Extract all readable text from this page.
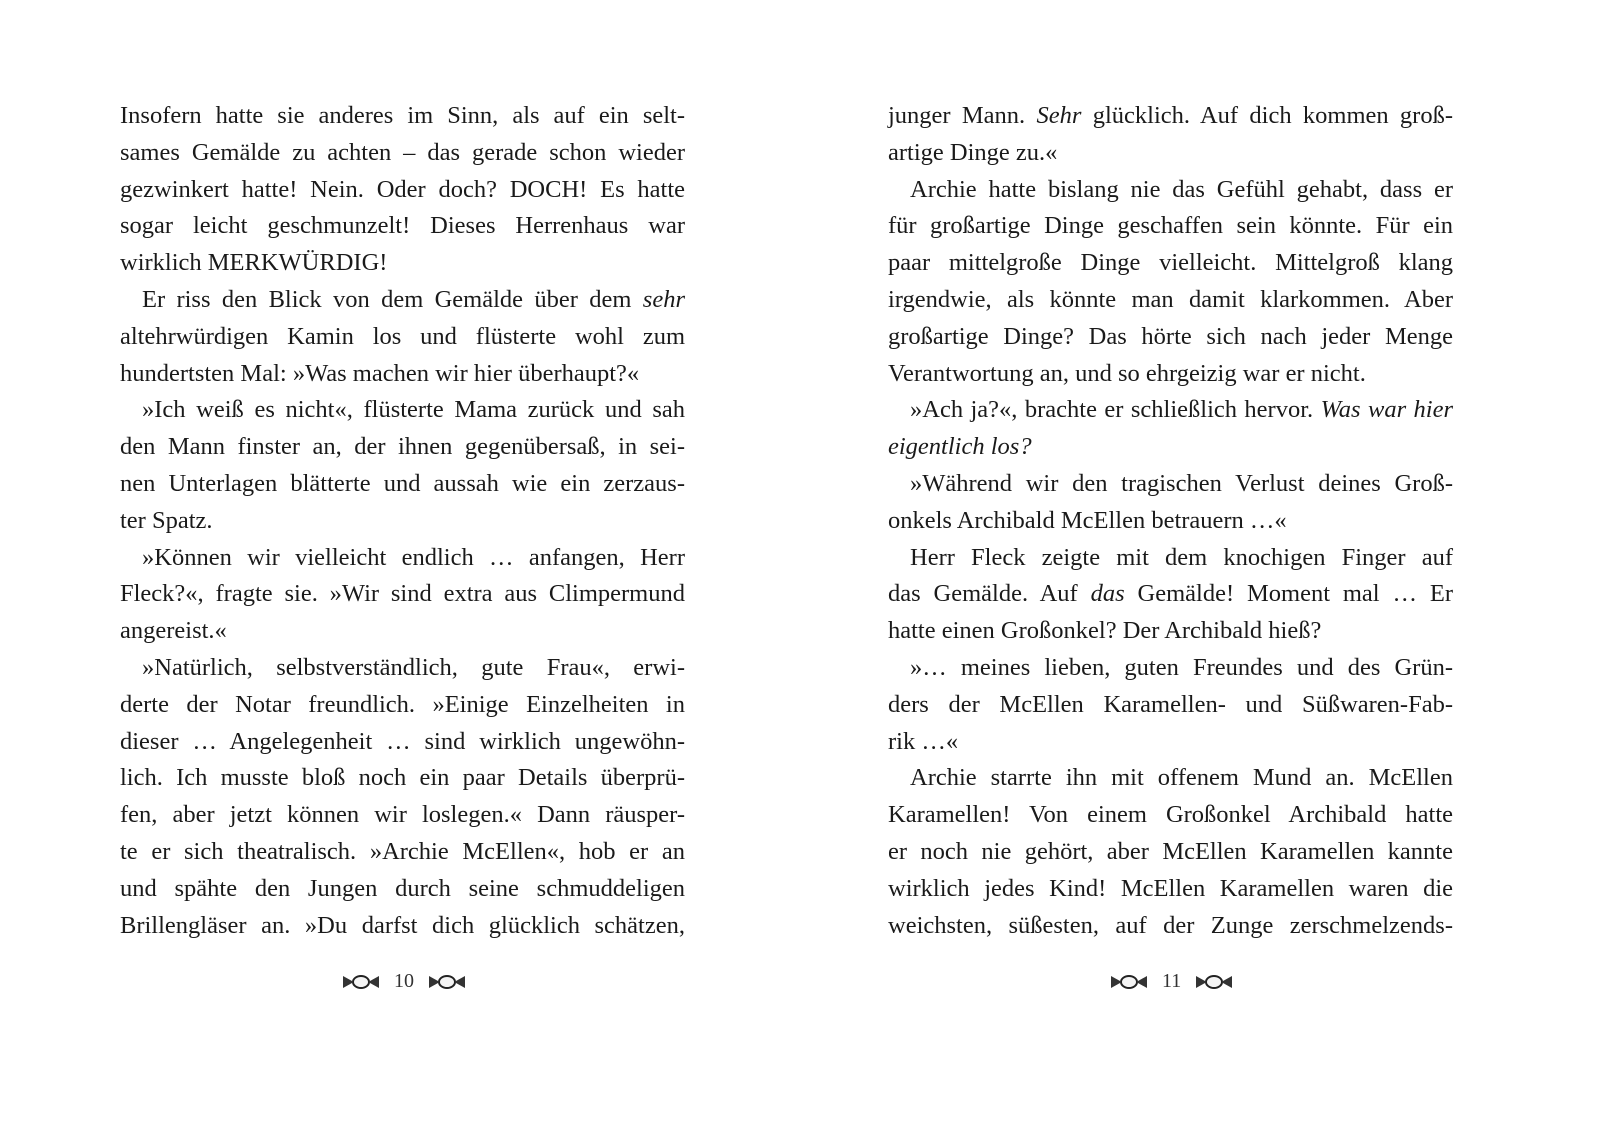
Insofern hatte sie anderes im Sinn, als auf ein selt-
sames Gemälde zu achten – das gerade schon wieder
gezwinkert hatte! Nein. Oder doch? DOCH! Es hatte
sogar leicht geschmunzelt! Dieses Herrenhaus war
wirklich MERKWÜRDIG!
Er riss den Blick von dem Gemälde über dem sehr
altehrwürdigen Kamin los und flüsterte wohl zum
hundertsten Mal: »Was machen wir hier überhaupt?«
»Ich weiß es nicht«, flüsterte Mama zurück und sah
den Mann finster an, der ihnen gegenübersaß, in sei-
nen Unterlagen blätterte und aussah wie ein zerzaus-
ter Spatz.
»Können wir vielleicht endlich … anfangen, Herr
Fleck?«, fragte sie. »Wir sind extra aus Climpermund
angereist.«
»Natürlich, selbstverständlich, gute Frau«, erwi-
derte der Notar freundlich. »Einige Einzelheiten in
dieser … Angelegenheit … sind wirklich ungewöhn-
lich. Ich musste bloß noch ein paar Details überprü-
fen, aber jetzt können wir loslegen.« Dann räusper-
te er sich theatralisch. »Archie McEllen«, hob er an
und spähte den Jungen durch seine schmuddeligen
Brillengläser an. »Du darfst dich glücklich schätzen,
junger Mann. Sehr glücklich. Auf dich kommen groß-
artige Dinge zu.«
Archie hatte bislang nie das Gefühl gehabt, dass er
für großartige Dinge geschaffen sein könnte. Für ein
paar mittelgroße Dinge vielleicht. Mittelgroß klang
irgendwie, als könnte man damit klarkommen. Aber
großartige Dinge? Das hörte sich nach jeder Menge
Verantwortung an, und so ehrgeizig war er nicht.
»Ach ja?«, brachte er schließlich hervor. Was war hier
eigentlich los?
»Während wir den tragischen Verlust deines Groß-
onkels Archibald McEllen betrauern …«
Herr Fleck zeigte mit dem knochigen Finger auf
das Gemälde. Auf das Gemälde! Moment mal … Er
hatte einen Großonkel? Der Archibald hieß?
»… meines lieben, guten Freundes und des Grün-
ders der McEllen Karamellen- und Süßwaren-Fab-
rik …«
Archie starrte ihn mit offenem Mund an. McEllen
Karamellen! Von einem Großonkel Archibald hatte
er noch nie gehört, aber McEllen Karamellen kannte
wirklich jedes Kind! McEllen Karamellen waren die
weichsten, süßesten, auf der Zunge zerschmelzends-
10	11
